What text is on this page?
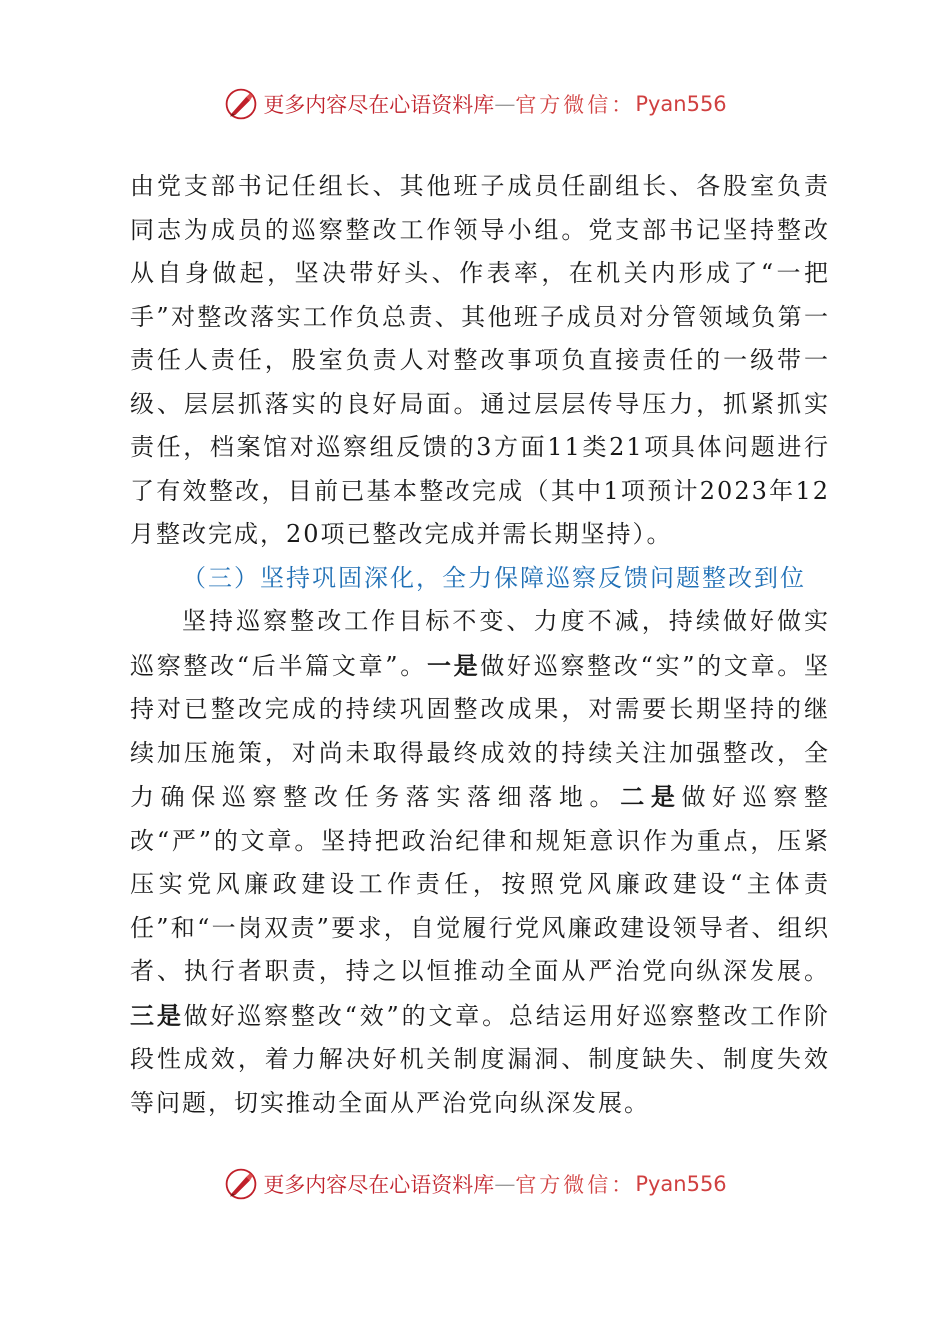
更多内容尽在心语资料库 — 官方微信： Pyan556

由党支部书记任组长、其他班子成员任副组长、各股室负责同志为成员的巡察整改工作领导小组。党支部书记坚持整改从自身做起，坚决带好头、作表率，在机关内形成了“一把手”对整改落实工作负总责、其他班子成员对分管领域负第一责任人责任，股室负责人对整改事项负直接责任的一级带一级、层层抓落实的良好局面。通过层层传导压力，抓紧抓实责任，档案馆对巡察组反馈的3方面11类21项具体问题进行了有效整改，目前已基本整改完成（其中1项预计2023年12月整改完成，20项已整改完成并需长期坚持）。

（三）坚持巩固深化，全力保障巡察反馈问题整改到位

坚持巡察整改工作目标不变、力度不减，持续做好做实巡察整改“后半篇文章”。一是做好巡察整改“实”的文章。坚持对已整改完成的持续巩固整改成果，对需要长期坚持的继续加压施策，对尚未取得最终成效的持续关注加强整改，全力确保巡察整改任务落实落细落地。二是做好巡察整改“严”的文章。坚持把政治纪律和规矩意识作为重点，压紧压实党风廉政建设工作责任，按照党风廉政建设“主体责任”和“一岗双责”要求，自觉履行党风廉政建设领导者、组织者、执行者职责，持之以恒推动全面从严治党向纵深发展。三是做好巡察整改“效”的文章。总结运用好巡察整改工作阶段性成效，着力解决好机关制度漏洞、制度缺失、制度失效等问题，切实推动全面从严治党向纵深发展。

更多内容尽在心语资料库 — 官方微信： Pyan556
